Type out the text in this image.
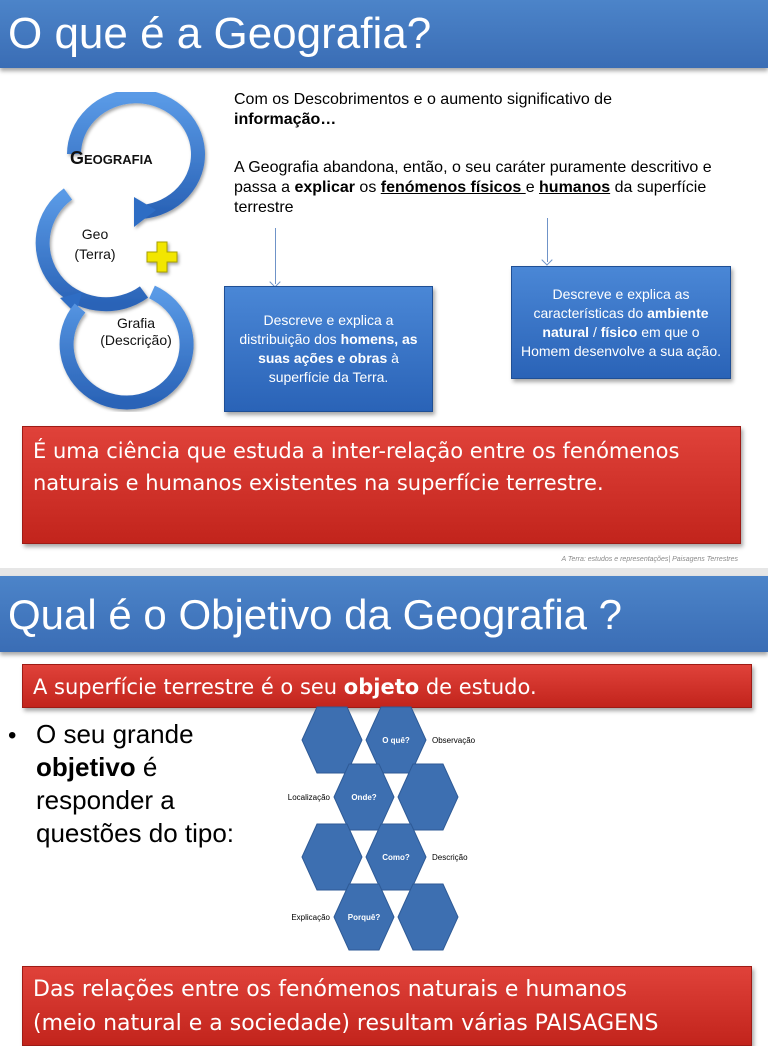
O que é a Geografia?
GEOGRAFIA
Geo
(Terra)
Grafia
(Descrição)

Com os Descobrimentos e o aumento significativo de

informação…

A Geografia abandona, então, o seu caráter puramente descritivo e passa a explicar os fenómenos físicos e humanos da superfície terrestre

Descreve e explica a distribuição dos homens, as suas ações e obras à superfície da Terra.
Descreve e explica as características do ambiente natural / físico em que o Homem desenvolve a sua ação.
É uma ciência que estuda a inter-relação entre os fenómenos naturais e humanos existentes na superfície terrestre.
A Terra: estudos e representações| Paisagens Terrestres
Qual é o Objetivo da Geografia ?
A superfície terrestre é o seu objeto de estudo.
• O seu grande
objetivo é
responder a
questões do tipo:
O quê?	Observação
Onde?
Localização
Como?	Descrição
Porquê?
Explicação
Das relações entre os fenómenos naturais e humanos
(meio natural e a sociedade) resultam várias PAISAGENS
